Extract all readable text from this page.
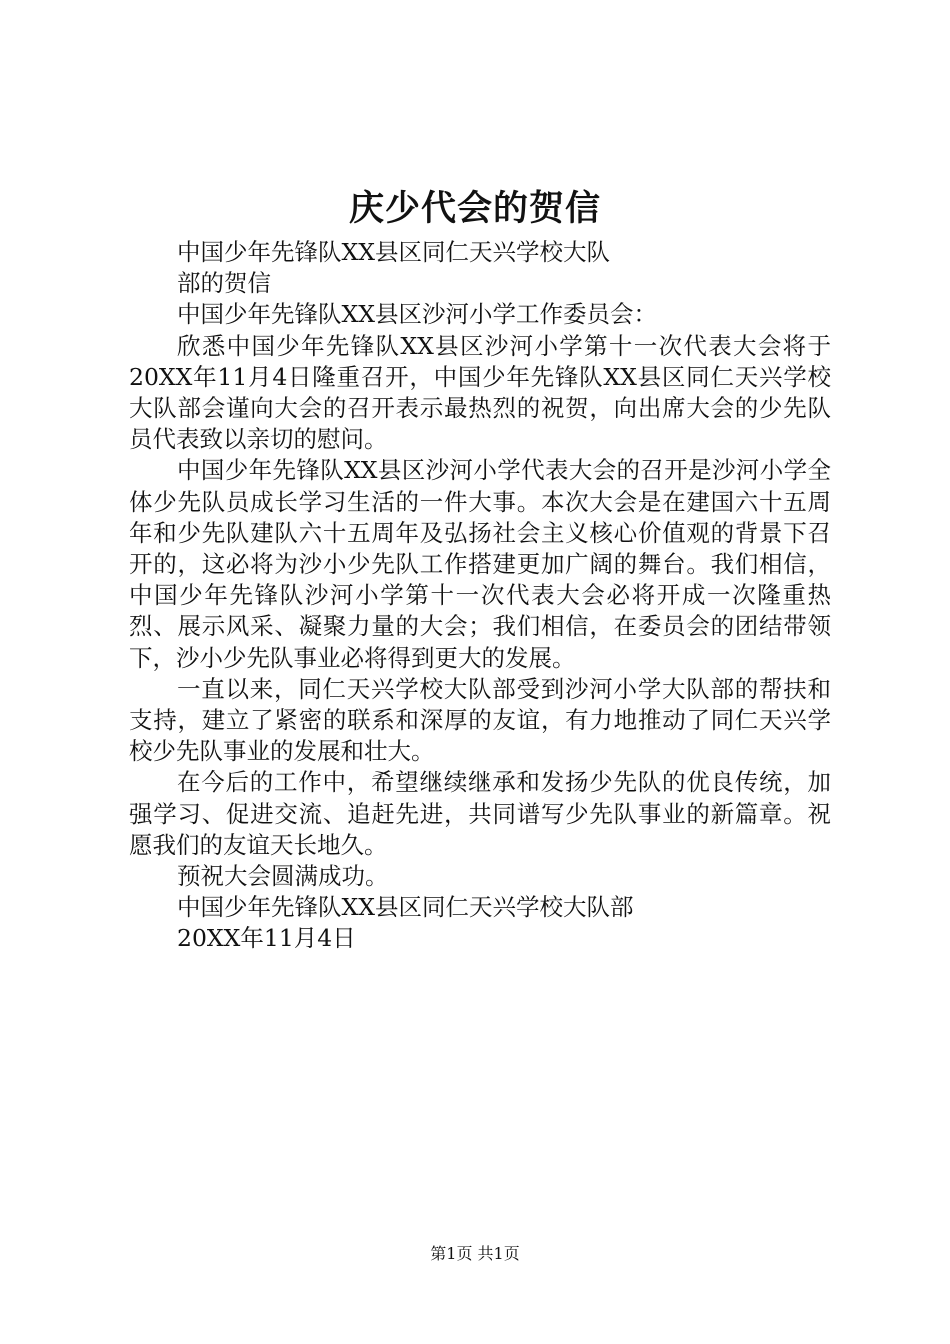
庆少代会的贺信
中国少年先锋队XX县区同仁天兴学校大队
部的贺信
中国少年先锋队XX县区沙河小学工作委员会：

欣悉中国少年先锋队XX县区沙河小学第十一次代表大会将于20XX年11月4日隆重召开，中国少年先锋队XX县区同仁天兴学校大队部会谨向大会的召开表示最热烈的祝贺，向出席大会的少先队员代表致以亲切的慰问。

中国少年先锋队XX县区沙河小学代表大会的召开是沙河小学全体少先队员成长学习生活的一件大事。本次大会是在建国六十五周年和少先队建队六十五周年及弘扬社会主义核心价值观的背景下召开的，这必将为沙小少先队工作搭建更加广阔的舞台。我们相信，中国少年先锋队沙河小学第十一次代表大会必将开成一次隆重热烈、展示风采、凝聚力量的大会；我们相信，在委员会的团结带领下，沙小少先队事业必将得到更大的发展。

一直以来，同仁天兴学校大队部受到沙河小学大队部的帮扶和支持，建立了紧密的联系和深厚的友谊，有力地推动了同仁天兴学校少先队事业的发展和壮大。

在今后的工作中，希望继续继承和发扬少先队的优良传统，加强学习、促进交流、追赶先进，共同谱写少先队事业的新篇章。祝愿我们的友谊天长地久。

预祝大会圆满成功。
中国少年先锋队XX县区同仁天兴学校大队部
20XX年11月4日
第1页 共1页
